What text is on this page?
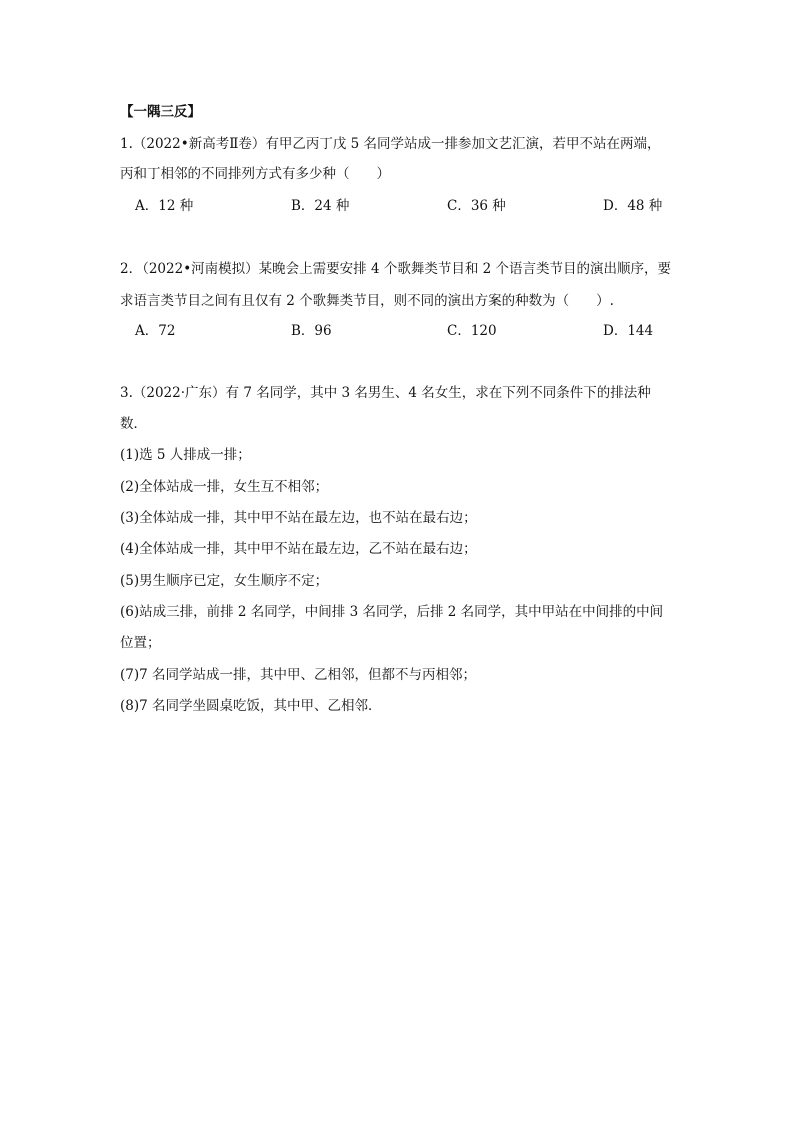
【一隅三反】
1.（2022•新高考Ⅱ卷）有甲乙丙丁戊 5 名同学站成一排参加文艺汇演，若甲不站在两端，
丙和丁相邻的不同排列方式有多少种（　　）
A．12 种	B．24 种	C．36 种	D．48 种
2．（2022•河南模拟）某晚会上需要安排 4 个歌舞类节目和 2 个语言类节目的演出顺序，要
求语言类节目之间有且仅有 2 个歌舞类节目，则不同的演出方案的种数为（　　）.
A．72	B．96	C．120	D．144
3.（2022·广东）有 7 名同学，其中 3 名男生、4 名女生，求在下列不同条件下的排法种
数．
(1)选 5 人排成一排；
(2)全体站成一排，女生互不相邻；
(3)全体站成一排，其中甲不站在最左边，也不站在最右边；
(4)全体站成一排，其中甲不站在最左边，乙不站在最右边；
(5)男生顺序已定，女生顺序不定；
(6)站成三排，前排 2 名同学，中间排 3 名同学，后排 2 名同学，其中甲站在中间排的中间
位置；
(7)7 名同学站成一排，其中甲、乙相邻，但都不与丙相邻；
(8)7 名同学坐圆桌吃饭，其中甲、乙相邻．
